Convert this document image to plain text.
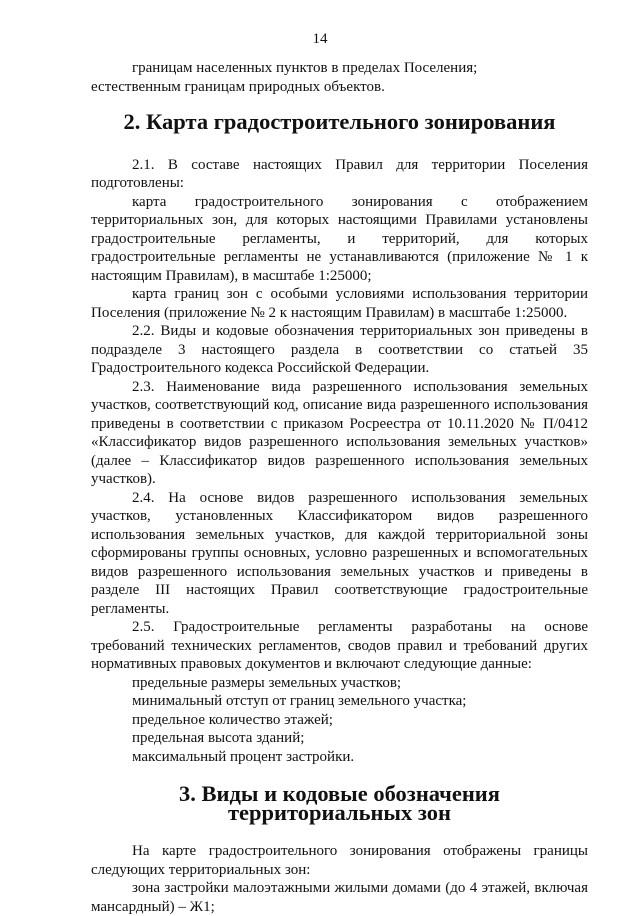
14

границам населенных пунктов в пределах Поселения;

естественным границам природных объектов.

2. Карта градостроительного зонирования

2.1. В составе настоящих Правил для территории Поселения подготовлены:

карта градостроительного зонирования с отображением территориальных зон, для которых настоящими Правилами установлены градостроительные регламенты, и территорий, для которых градостроительные регламенты не устанавливаются (приложение № 1 к настоящим Правилам), в масштабе 1:25000;

карта границ зон с особыми условиями использования территории Поселения (приложение № 2 к настоящим Правилам) в масштабе 1:25000.

2.2. Виды и кодовые обозначения территориальных зон приведены в подразделе 3 настоящего раздела в соответствии со статьей 35 Градостроительного кодекса Российской Федерации.

2.3. Наименование вида разрешенного использования земельных участков, соответствующий код, описание вида разрешенного использования приведены в соответствии с приказом Росреестра от 10.11.2020 № П/0412 «Классификатор видов разрешенного использования земельных участков» (далее – Классификатор видов разрешенного использования земельных участков).

2.4. На основе видов разрешенного использования земельных участков, установленных Классификатором видов разрешенного использования земельных участков, для каждой территориальной зоны сформированы группы основных, условно разрешенных и вспомогательных видов разрешенного использования земельных участков и приведены в разделе III настоящих Правил соответствующие градостроительные регламенты.

2.5. Градостроительные регламенты разработаны на основе требований технических регламентов, сводов правил и требований других нормативных правовых документов и включают следующие данные:

предельные размеры земельных участков;

минимальный отступ от границ земельного участка;

предельное количество этажей;

предельная высота зданий;

максимальный процент застройки.

3. Виды и кодовые обозначения территориальных зон

На карте градостроительного зонирования отображены границы следующих территориальных зон:

зона застройки малоэтажными жилыми домами (до 4 этажей, включая мансардный) – Ж1;
